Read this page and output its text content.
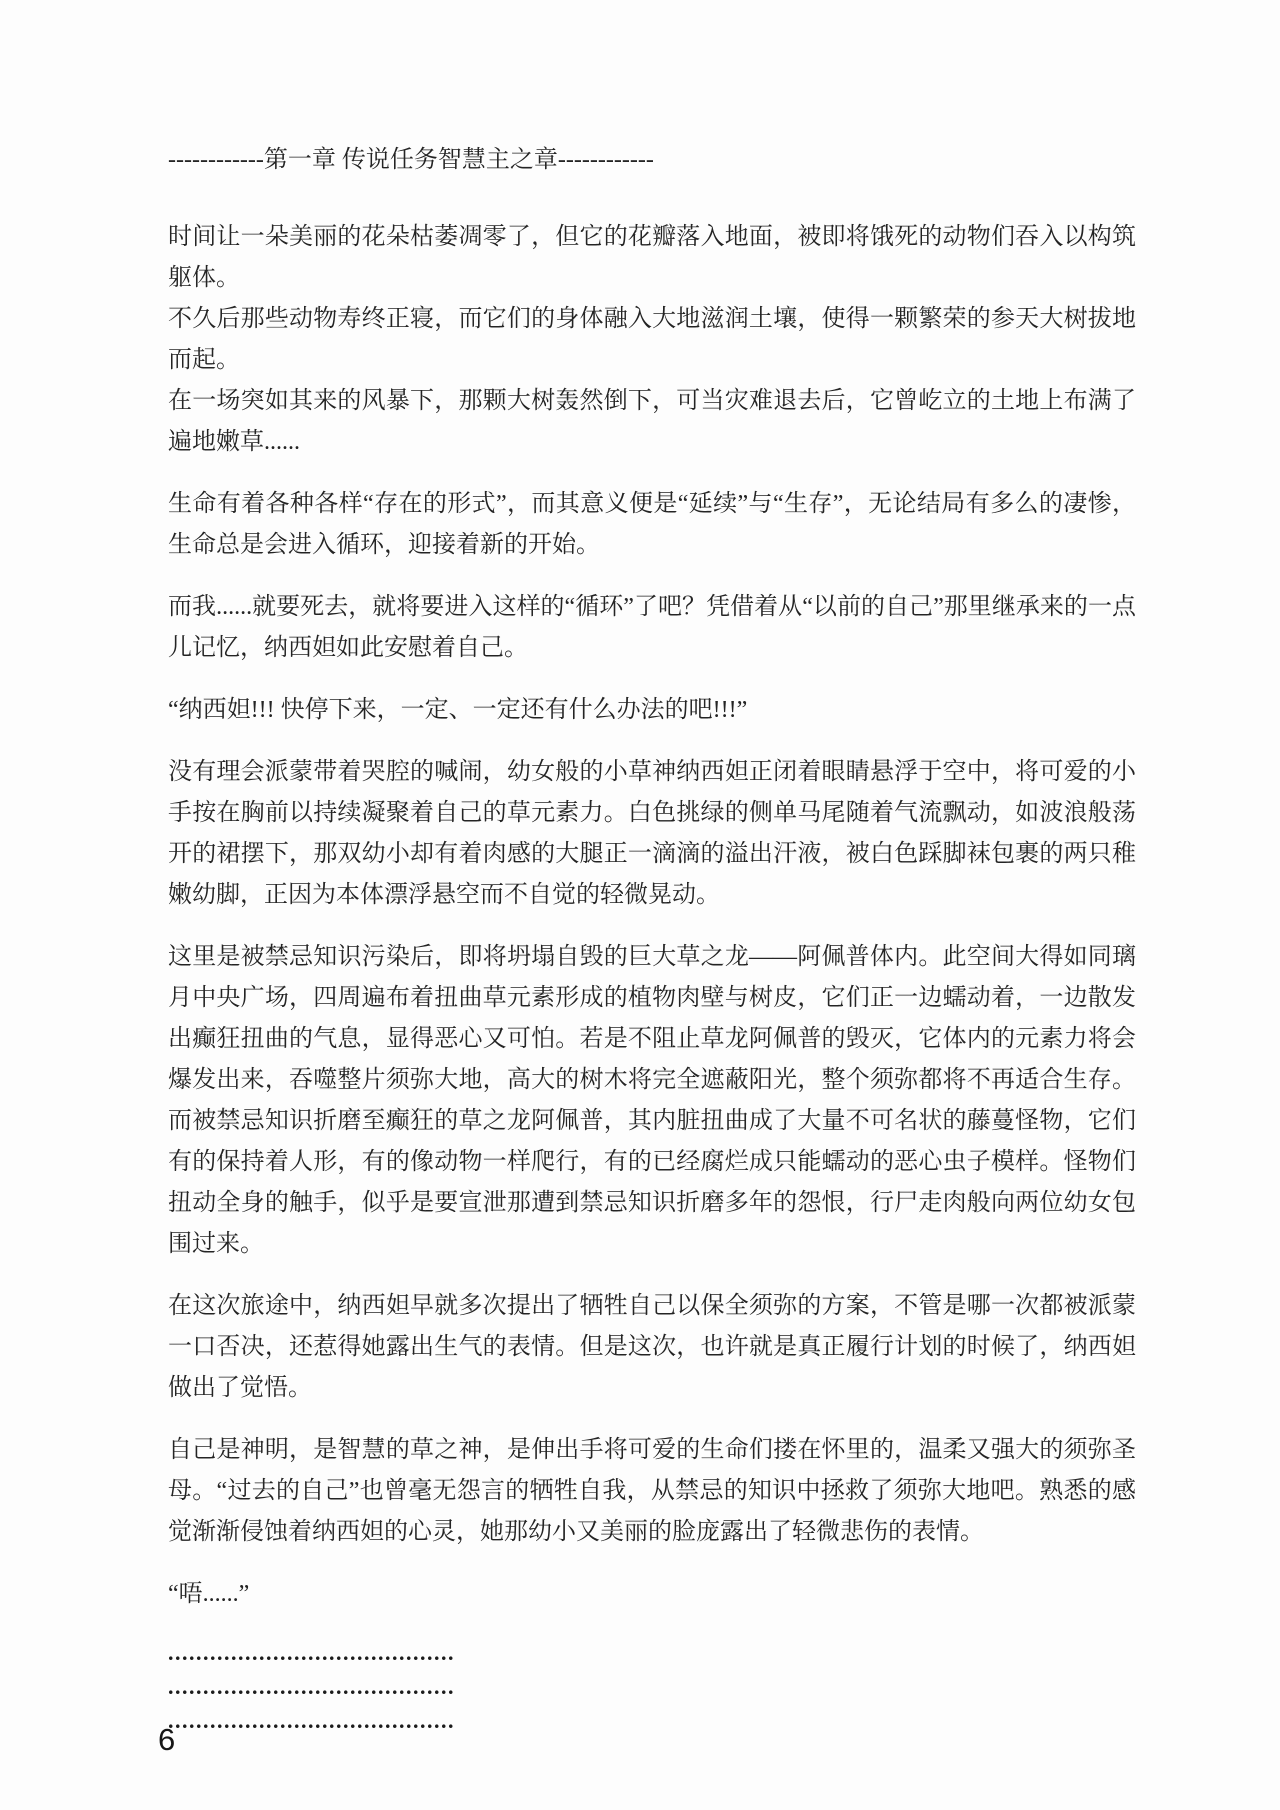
------------第一章 传说任务智慧主之章------------

时间让一朵美丽的花朵枯萎凋零了，但它的花瓣落入地面，被即将饿死的动物们吞入以构筑躯体。

不久后那些动物寿终正寝，而它们的身体融入大地滋润土壤，使得一颗繁荣的参天大树拔地而起。

在一场突如其来的风暴下，那颗大树轰然倒下，可当灾难退去后，它曾屹立的土地上布满了遍地嫩草......

生命有着各种各样“存在的形式”，而其意义便是“延续”与“生存”，无论结局有多么的凄惨，生命总是会进入循环，迎接着新的开始。
而我......就要死去，就将要进入这样的“循环”了吧？凭借着从“以前的自己”那里继承来的一点儿记忆，纳西妲如此安慰着自己。
“纳西妲!!! 快停下来，一定、一定还有什么办法的吧!!!”
没有理会派蒙带着哭腔的喊闹，幼女般的小草神纳西妲正闭着眼睛悬浮于空中，将可爱的小手按在胸前以持续凝聚着自己的草元素力。白色挑绿的侧单马尾随着气流飘动，如波浪般荡开的裙摆下，那双幼小却有着肉感的大腿正一滴滴的溢出汗液，被白色踩脚袜包裹的两只稚嫩幼脚，正因为本体漂浮悬空而不自觉的轻微晃动。
这里是被禁忌知识污染后，即将坍塌自毁的巨大草之龙——阿佩普体内。此空间大得如同璃月中央广场，四周遍布着扭曲草元素形成的植物肉壁与树皮，它们正一边蠕动着，一边散发出癫狂扭曲的气息，显得恶心又可怕。若是不阻止草龙阿佩普的毁灭，它体内的元素力将会爆发出来，吞噬整片须弥大地，高大的树木将完全遮蔽阳光，整个须弥都将不再适合生存。而被禁忌知识折磨至癫狂的草之龙阿佩普，其内脏扭曲成了大量不可名状的藤蔓怪物，它们有的保持着人形，有的像动物一样爬行，有的已经腐烂成只能蠕动的恶心虫子模样。怪物们扭动全身的触手，似乎是要宣泄那遭到禁忌知识折磨多年的怨恨，行尸走肉般向两位幼女包围过来。
在这次旅途中，纳西妲早就多次提出了牺牲自己以保全须弥的方案，不管是哪一次都被派蒙一口否决，还惹得她露出生气的表情。但是这次，也许就是真正履行计划的时候了，纳西妲做出了觉悟。
自己是神明，是智慧的草之神，是伸出手将可爱的生命们搂在怀里的，温柔又强大的须弥圣母。“过去的自己”也曾毫无怨言的牺牲自我，从禁忌的知识中拯救了须弥大地吧。熟悉的感觉渐渐侵蚀着纳西妲的心灵，她那幼小又美丽的脸庞露出了轻微悲伤的表情。
“唔......”

.........................................

.........................................

.........................................

6
